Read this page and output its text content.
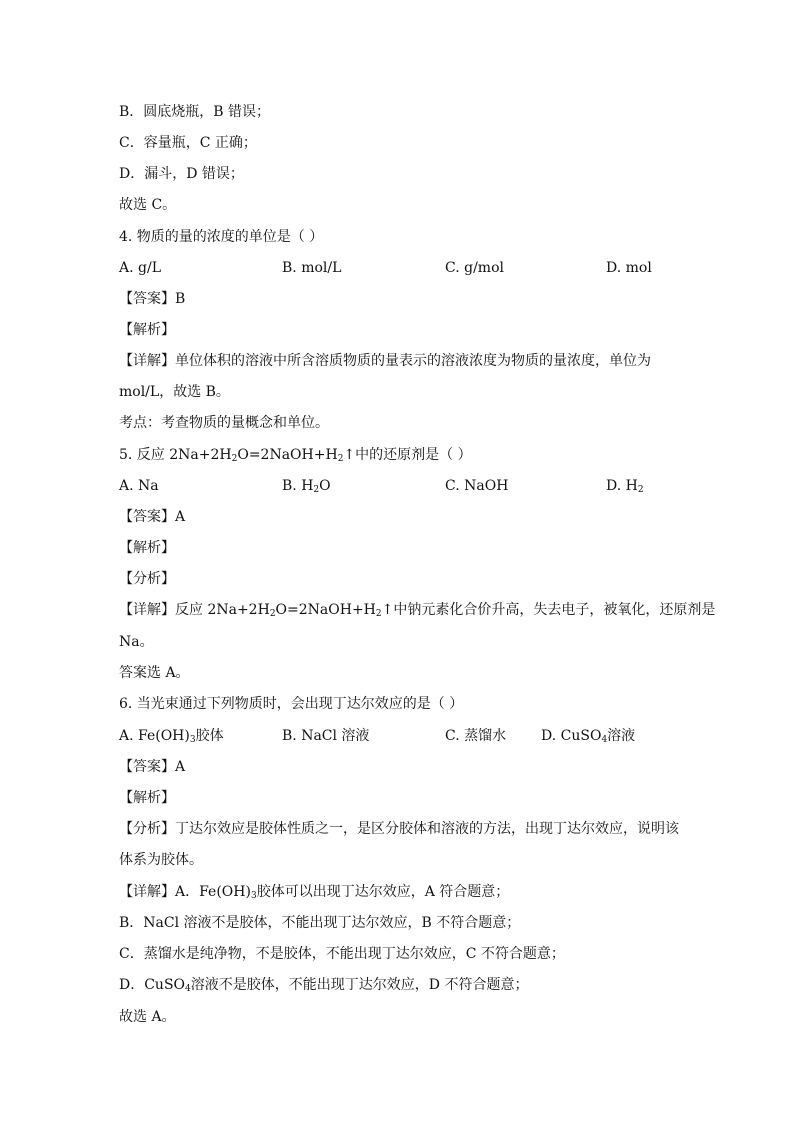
B．圆底烧瓶，B 错误；
C．容量瓶，C 正确；
D．漏斗，D 错误；
故选 C。
4. 物质的量的浓度的单位是（ ）
A. g/L	B. mol/L	C. g/mol	D. mol
【答案】B
【解析】
【详解】单位体积的溶液中所含溶质物质的量表示的溶液浓度为物质的量浓度，单位为
mol/L，故选 B。
考点：考查物质的量概念和单位。
5. 反应 $2Na+2H_2O=2NaOH+H_2↑$中的还原剂是（ ）
A. Na	B. $H_2O$	C. NaOH	D. $H_2$
【答案】A
【解析】
【分析】
【详解】反应 $2Na+2H_2O=2NaOH+H_2↑$中钠元素化合价升高，失去电子，被氧化，还原剂是
Na。
答案选 A。
6. 当光束通过下列物质时，会出现丁达尔效应的是（ ）
A. $Fe(OH)_3$胶体	B. NaCl 溶液	C. 蒸馏水 D. CuSO$_4$溶液
【答案】A
【解析】
【分析】丁达尔效应是胶体性质之一，是区分胶体和溶液的方法，出现丁达尔效应，说明该
体系为胶体。
【详解】A．$Fe(OH)_3$胶体可以出现丁达尔效应，A 符合题意；
B．NaCl 溶液不是胶体，不能出现丁达尔效应，B 不符合题意；
C．蒸馏水是纯净物，不是胶体，不能出现丁达尔效应，C 不符合题意；
D．CuSO$_4$溶液不是胶体，不能出现丁达尔效应，D 不符合题意；
故选 A。
